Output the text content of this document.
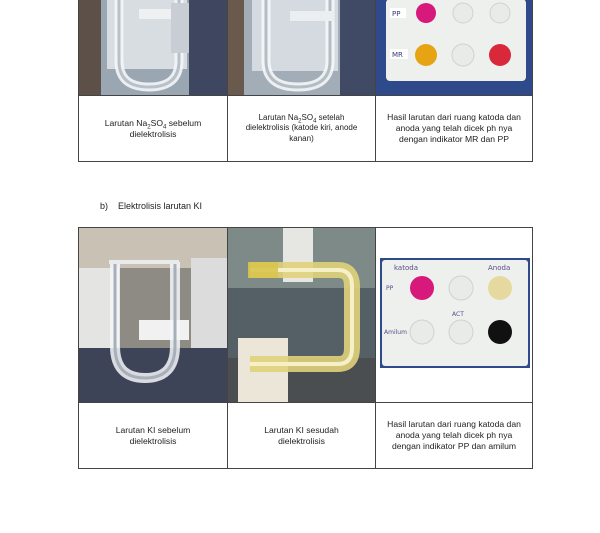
PP
MR

Larutan $Na_2SO_4$ sebelum
dielektrolisis	Larutan $Na_2SO_4$ setelah
dielektrolisis (katode kiri, anode
kanan)	Hasil larutan dari ruang katoda dan anoda yang telah dicek ph nya dengan indikator MR dan PP
b)    Elektrolisis larutan KI

katoda Anoda
PP
ACT
Amilum

Larutan KI sebelum dielektrolisis	Larutan KI sesudah dielektrolisis	Hasil larutan dari ruang katoda dan anoda yang telah dicek ph nya dengan indikator PP dan amilum
